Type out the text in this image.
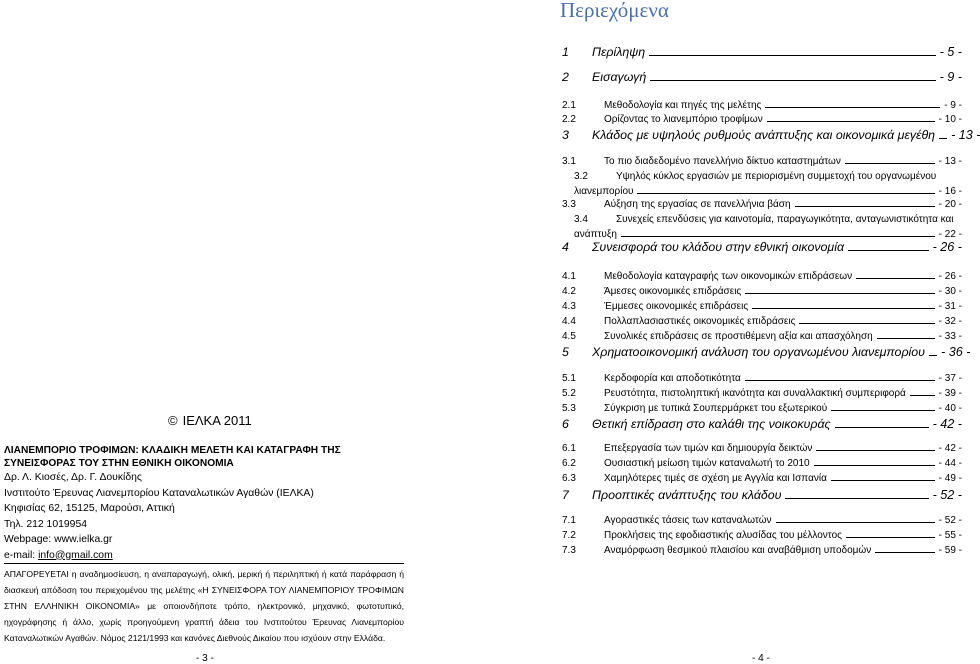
© ΙΕΛΚΑ 2011
ΛΙΑΝΕΜΠΟΡΙΟ ΤΡΟΦΙΜΩΝ: ΚΛΑΔΙΚΗ ΜΕΛΕΤΗ ΚΑΙ ΚΑΤΑΓΡΑΦΗ ΤΗΣ ΣΥΝΕΙΣΦΟΡΑΣ ΤΟΥ ΣΤΗΝ ΕΘΝΙΚΗ ΟΙΚΟΝΟΜΙΑ
Δρ. Λ. Κιοσές, Δρ. Γ. Δουκίδης
Ινστιτούτο Έρευνας Λιανεμπορίου Καταναλωτικών Αγαθών (ΙΕΛΚΑ)
Κηφισίας 62, 15125, Μαρούσι, Αττική
Τηλ. 212 1019954
Webpage: www.ielka.gr
e-mail: info@gmail.com
ΑΠΑΓΟΡΕΥΕΤΑΙ η αναδημοσίευση, η αναπαραγωγή, ολική, μερική ή περιληπτική ή κατά παράφραση ή διασκευή απόδοση του περιεχομένου της μελέτης «Η ΣΥΝΕΙΣΦΟΡΑ ΤΟΥ ΛΙΑΝΕΜΠΟΡΙΟΥ ΤΡΟΦΙΜΩΝ ΣΤΗΝ ΕΛΛΗΝΙΚΗ ΟΙΚΟΝΟΜΙΑ» με οποιονδήποτε τρόπο, ηλεκτρονικό, μηχανικό, φωτοτυπικό, ηχογράφησης ή άλλο, χωρίς προηγούμενη γραπτή άδεια του Ινστιτούτου Έρευνας Λιανεμπορίου Καταναλωτικών Αγαθών. Νόμος 2121/1993 και κανόνες Διεθνούς Δικαίου που ισχύουν στην Ελλάδα.
- 3 -
Περιεχόμενα
1	Περίληψη	- 5 -
2	Εισαγωγή	- 9 -
2.1	Μεθοδολογία και πηγές της μελέτης	- 9 -
2.2	Ορίζοντας το λιανεμπόριο τροφίμων	- 10 -
3	Κλάδος με υψηλούς ρυθμούς ανάπτυξης και οικονομικά μεγέθη - 13 -
3.1	Το πιο διαδεδομένο πανελλήνιο δίκτυο καταστημάτων	- 13 -
3.2	Υψηλός κύκλος εργασιών με περιορισμένη συμμετοχή του οργανωμένου
λιανεμπορίου	- 16 -
3.3	Αύξηση της εργασίας σε πανελλήνια βάση	- 20 -
3.4	Συνεχείς επενδύσεις για καινοτομία, παραγωγικότητα, ανταγωνιστικότητα και
ανάπτυξη	- 22 -
4	Συνεισφορά του κλάδου στην εθνική οικονομία	- 26 -
4.1	Μεθοδολογία καταγραφής των οικονομικών επιδράσεων	- 26 -
4.2	Άμεσες οικονομικές επιδράσεις	- 30 -
4.3	Έμμεσες οικονομικές επιδράσεις	- 31 -
4.4	Πολλαπλασιαστικές οικονομικές επιδράσεις	- 32 -
4.5	Συνολικές επιδράσεις σε προστιθέμενη αξία και απασχόληση	- 33 -
5	Χρηματοοικονομική ανάλυση του οργανωμένου λιανεμπορίου - 36 -
5.1	Κερδοφορία και αποδοτικότητα	- 37 -
5.2	Ρευστότητα, πιστοληπτική ικανότητα και συναλλακτική συμπεριφορά	- 39 -
5.3	Σύγκριση με τυπικά Σουπερμάρκετ του εξωτερικού	- 40 -
6	Θετική επίδραση στο καλάθι της νοικοκυράς	- 42 -
6.1	Επεξεργασία των τιμών και δημιουργία δεικτών	- 42 -
6.2	Ουσιαστική μείωση τιμών καταναλωτή το 2010	- 44 -
6.3	Χαμηλότερες τιμές σε σχέση με Αγγλία και Ισπανία	- 49 -
7	Προοπτικές ανάπτυξης του κλάδου	- 52 -
7.1	Αγοραστικές τάσεις των καταναλωτών	- 52 -
7.2	Προκλήσεις της εφοδιαστικής αλυσίδας του μέλλοντος	- 55 -
7.3	Αναμόρφωση θεσμικού πλαισίου και αναβάθμιση υποδομών	- 59 -
- 4 -
